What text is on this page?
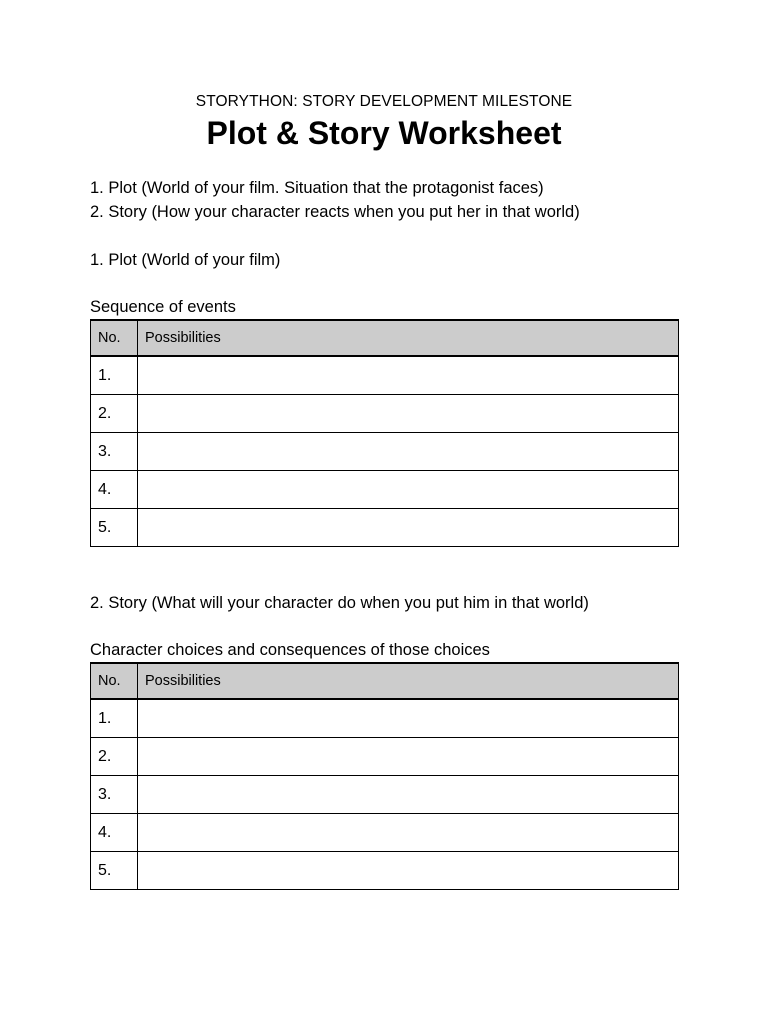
STORYTHON: STORY DEVELOPMENT MILESTONE
Plot & Story Worksheet
1. Plot (World of your film. Situation that the protagonist faces)
2. Story (How your character reacts when you put her in that world)
1. Plot (World of your film)
Sequence of events
No.	Possibilities
1.	
2.	
3.	
4.	
5.	
2. Story (What will your character do when you put him in that world)
Character choices and consequences of those choices
No.	Possibilities
1.	
2.	
3.	
4.	
5.	
